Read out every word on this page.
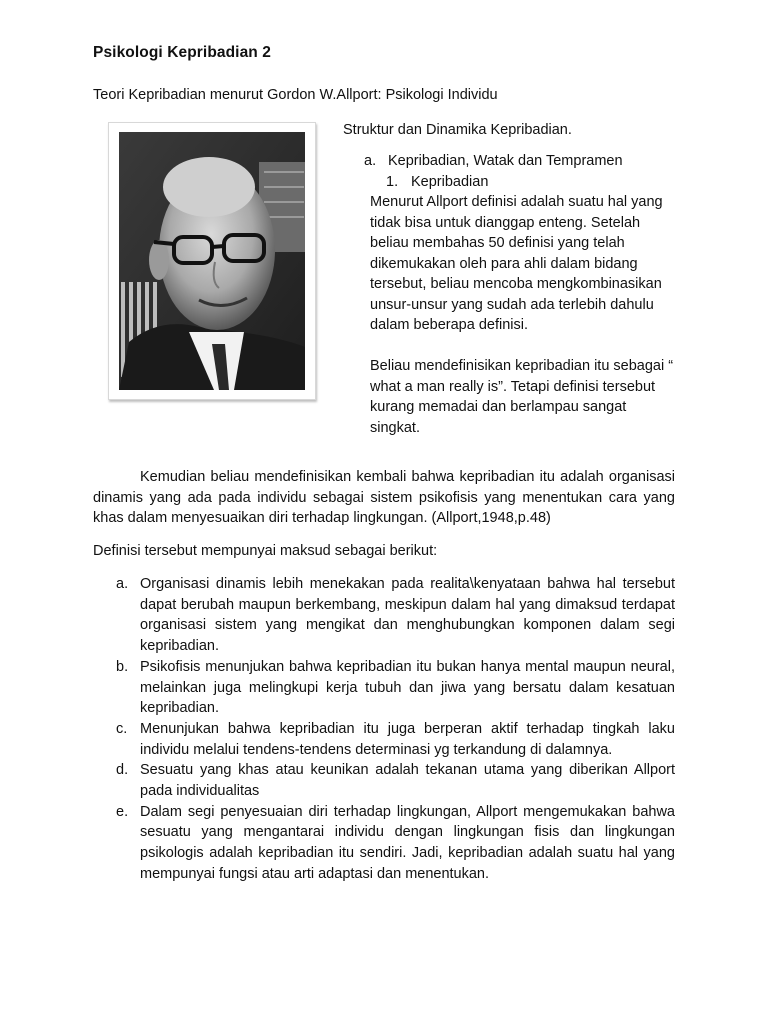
Psikologi Kepribadian 2
Teori Kepribadian menurut Gordon W.Allport: Psikologi Individu
Struktur dan Dinamika Kepribadian.
a. Kepribadian, Watak dan Tempramen
1. Kepribadian
Menurut Allport definisi adalah suatu hal yang tidak bisa untuk dianggap enteng. Setelah beliau membahas 50 definisi yang telah dikemukakan oleh para ahli dalam bidang tersebut, beliau mencoba mengkombinasikan unsur-unsur yang sudah ada terlebih dahulu dalam beberapa definisi.
Beliau mendefinisikan kepribadian itu sebagai “ what a man really is”. Tetapi definisi tersebut kurang memadai dan berlampau sangat singkat.
Kemudian beliau mendefinisikan kembali bahwa kepribadian itu adalah organisasi dinamis yang ada pada individu sebagai sistem psikofisis yang menentukan cara yang khas dalam menyesuaikan diri terhadap lingkungan. (Allport,1948,p.48)
Definisi tersebut mempunyai maksud sebagai berikut:
a. Organisasi dinamis lebih menekakan pada realita\kenyataan bahwa hal tersebut dapat berubah maupun berkembang, meskipun dalam hal yang dimaksud terdapat organisasi sistem yang mengikat dan menghubungkan komponen dalam segi kepribadian.
b. Psikofisis menunjukan bahwa kepribadian itu bukan hanya mental maupun neural, melainkan juga melingkupi kerja tubuh dan jiwa yang bersatu dalam kesatuan kepribadian.
c. Menunjukan bahwa kepribadian itu juga berperan aktif terhadap tingkah laku individu melalui tendens-tendens determinasi yg terkandung di dalamnya.
d. Sesuatu yang khas atau keunikan adalah tekanan utama yang diberikan Allport pada individualitas
e. Dalam segi penyesuaian diri terhadap lingkungan, Allport mengemukakan bahwa sesuatu yang mengantarai individu dengan lingkungan fisis dan lingkungan psikologis adalah kepribadian itu sendiri. Jadi, kepribadian adalah suatu hal yang mempunyai fungsi atau arti adaptasi dan menentukan.
